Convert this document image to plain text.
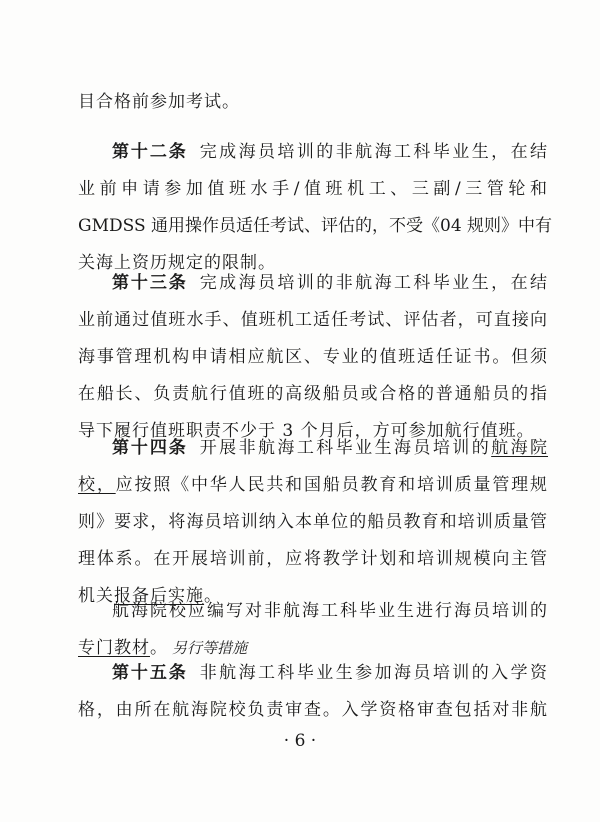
目合格前参加考试。
第十二条 完成海员培训的非航海工科毕业生，在结
业前申请参加值班水手/值班机工、三副/三管轮和
GMDSS 通用操作员适任考试、评估的，不受《04 规则》中有
关海上资历规定的限制。
第十三条 完成海员培训的非航海工科毕业生，在结
业前通过值班水手、值班机工适任考试、评估者，可直接向
海事管理机构申请相应航区、专业的值班适任证书。但须
在船长、负责航行值班的高级船员或合格的普通船员的指
导下履行值班职责不少于 3 个月后，方可参加航行值班。
第十四条 开展非航海工科毕业生海员培训的航海院
校，应按照《中华人民共和国船员教育和培训质量管理规
则》要求，将海员培训纳入本单位的船员教育和培训质量管
理体系。在开展培训前，应将教学计划和培训规模向主管
机关报备后实施。
航海院校应编写对非航海工科毕业生进行海员培训的
专门教材。 另行等措施
第十五条 非航海工科毕业生参加海员培训的入学资
格，由所在航海院校负责审查。入学资格审查包括对非航
· 6 ·
